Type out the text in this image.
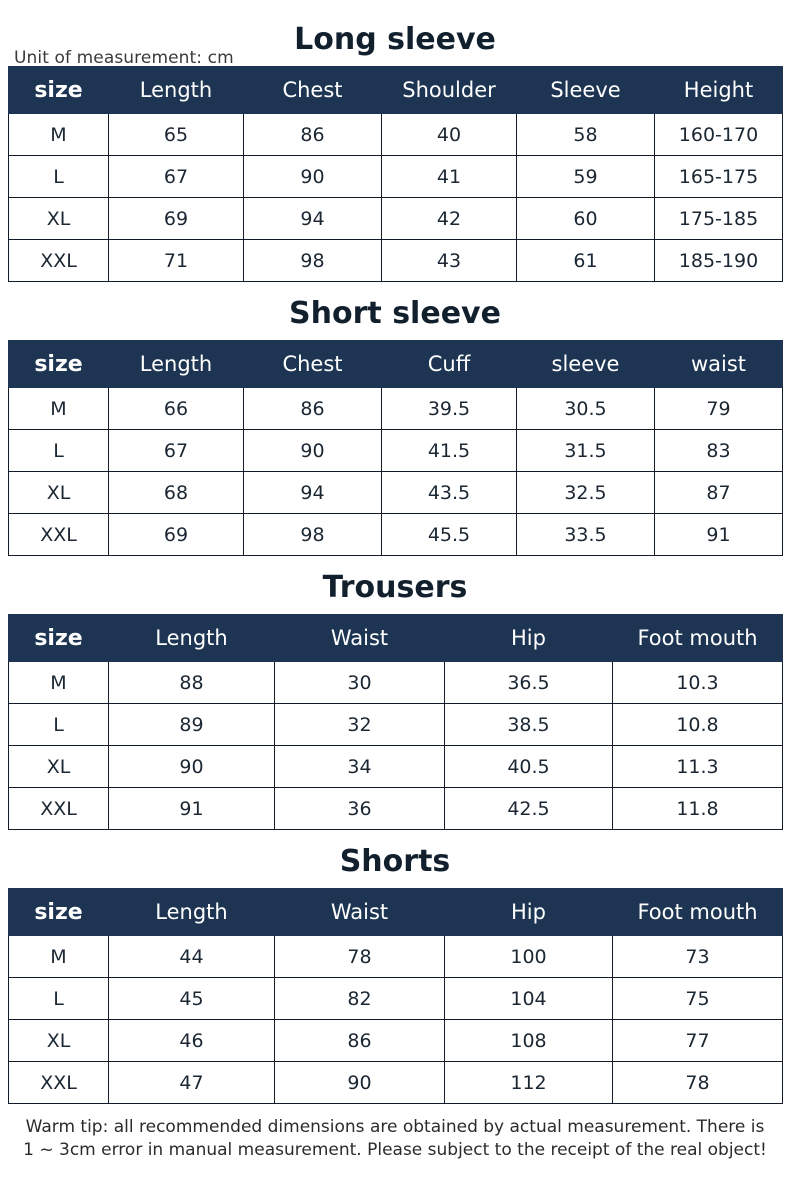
Unit of measurement: cm
Long sleeve
size	Length	Chest	Shoulder	Sleeve	Height
M	65	86	40	58	160-170
L	67	90	41	59	165-175
XL	69	94	42	60	175-185
XXL	71	98	43	61	185-190
Short sleeve
size	Length	Chest	Cuff	sleeve	waist
M	66	86	39.5	30.5	79
L	67	90	41.5	31.5	83
XL	68	94	43.5	32.5	87
XXL	69	98	45.5	33.5	91
Trousers
size	Length	Waist	Hip	Foot mouth
M	88	30	36.5	10.3
L	89	32	38.5	10.8
XL	90	34	40.5	11.3
XXL	91	36	42.5	11.8
Shorts
size	Length	Waist	Hip	Foot mouth
M	44	78	100	73
L	45	82	104	75
XL	46	86	108	77
XXL	47	90	112	78
Warm tip: all recommended dimensions are obtained by actual measurement. There is 1 ~ 3cm error in manual measurement. Please subject to the receipt of the real object!
